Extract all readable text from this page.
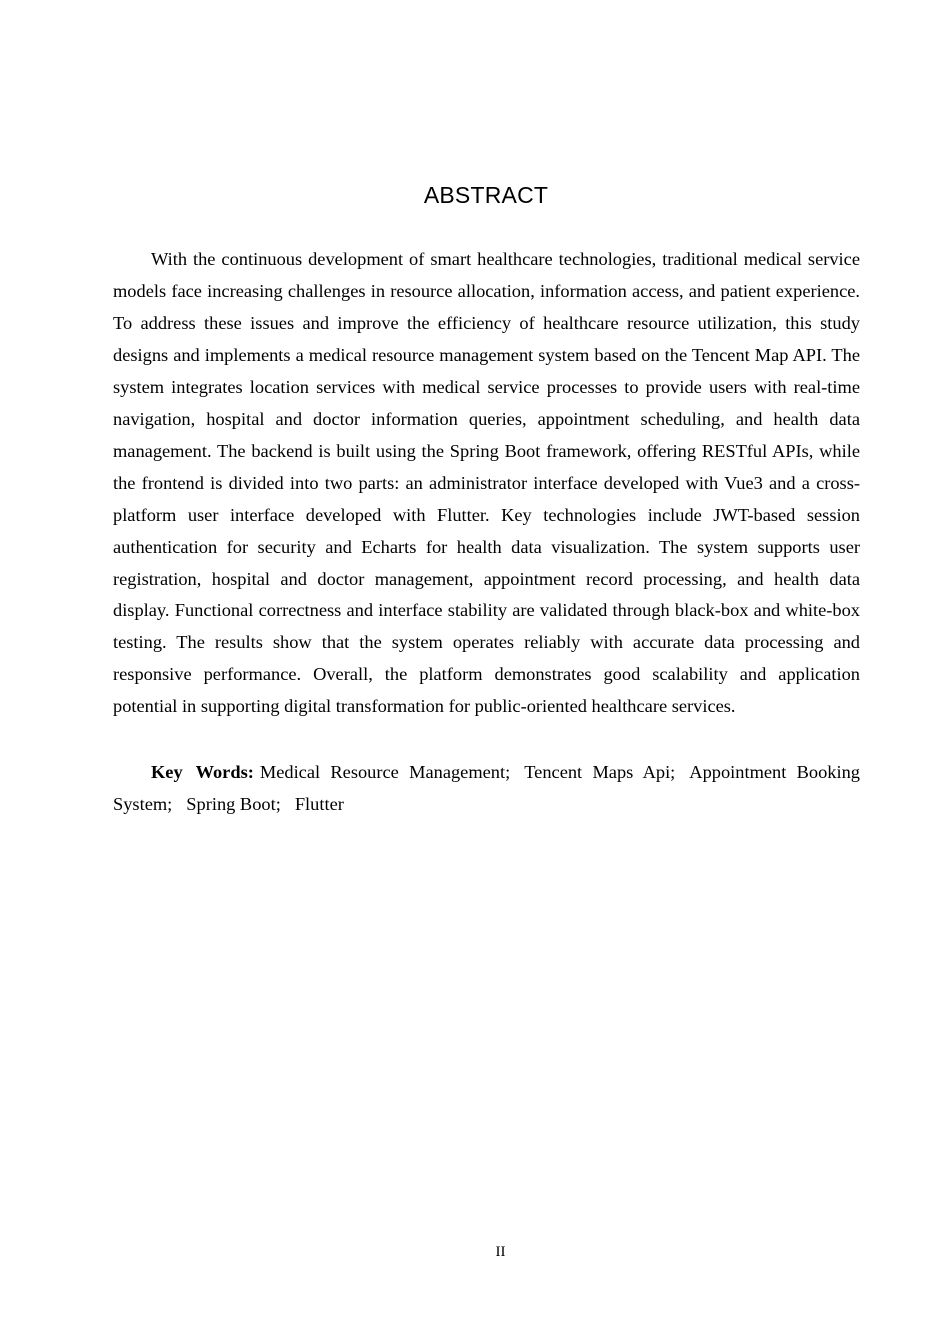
ABSTRACT

With the continuous development of smart healthcare technologies, traditional medical service models face increasing challenges in resource allocation, information access, and patient experience. To address these issues and improve the efficiency of healthcare resource utilization, this study designs and implements a medical resource management system based on the Tencent Map API. The system integrates location services with medical service processes to provide users with real-time navigation, hospital and doctor information queries, appointment scheduling, and health data management. The backend is built using the Spring Boot framework, offering RESTful APIs, while the frontend is divided into two parts: an administrator interface developed with Vue3 and a cross-platform user interface developed with Flutter. Key technologies include JWT-based session authentication for security and Echarts for health data visualization. The system supports user registration, hospital and doctor management, appointment record processing, and health data display. Functional correctness and interface stability are validated through black-box and white-box testing. The results show that the system operates reliably with accurate data processing and responsive performance. Overall, the platform demonstrates good scalability and application potential in supporting digital transformation for public-oriented healthcare services.

Key Words: Medical Resource Management; Tencent Maps Api; Appointment Booking System; Spring Boot; Flutter

II
